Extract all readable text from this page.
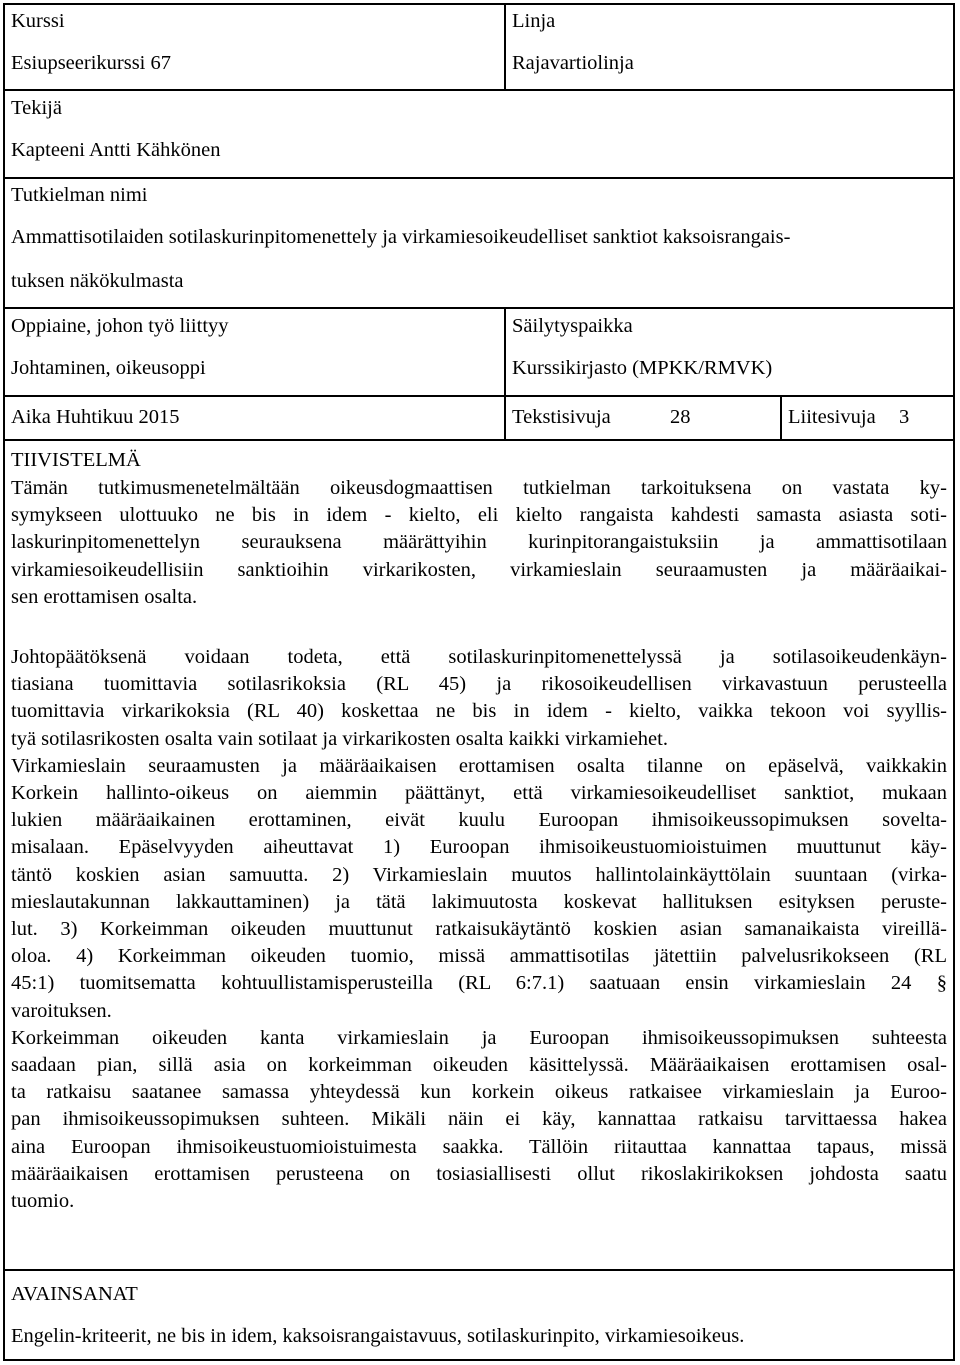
Kurssi
Esiupseerikurssi 67
Linja
Rajavartiolinja
Tekijä
Kapteeni Antti Kähkönen
Tutkielman nimi
Ammattisotilaiden sotilaskurinpitomenettely ja virkamiesoikeudelliset sanktiot kaksoisrangais-
tuksen näkökulmasta
Oppiaine, johon työ liittyy
Johtaminen, oikeusoppi
Säilytyspaikka
Kurssikirjasto (MPKK/RMVK)
Aika Huhtikuu 2015	Tekstisivuja	28	Liitesivuja 3
TIIVISTELMÄ
Tämän tutkimusmenetelmältään oikeusdogmaattisen tutkielman tarkoituksena on vastata ky-
symykseen ulottuuko ne bis in idem - kielto, eli kielto rangaista kahdesti samasta asiasta soti-
laskurinpitomenettelyn seurauksena määrättyihin kurinpitorangaistuksiin ja ammattisotilaan
virkamiesoikeudellisiin sanktioihin virkarikosten, virkamieslain seuraamusten ja määräaikai-
sen erottamisen osalta.
Johtopäätöksenä voidaan todeta, että sotilaskurinpitomenettelyssä ja sotilasoikeudenkäyn-
tiasiana tuomittavia sotilasrikoksia (RL 45) ja rikosoikeudellisen virkavastuun perusteella
tuomittavia virkarikoksia (RL 40) koskettaa ne bis in idem - kielto, vaikka tekoon voi syyllis-
tyä sotilasrikosten osalta vain sotilaat ja virkarikosten osalta kaikki virkamiehet.
Virkamieslain seuraamusten ja määräaikaisen erottamisen osalta tilanne on epäselvä, vaikkakin
Korkein hallinto-oikeus on aiemmin päättänyt, että virkamiesoikeudelliset sanktiot, mukaan
lukien määräaikainen erottaminen, eivät kuulu Euroopan ihmisoikeussopimuksen sovelta-
misalaan. Epäselvyyden aiheuttavat 1) Euroopan ihmisoikeustuomioistuimen muuttunut käy-
täntö koskien asian samuutta. 2) Virkamieslain muutos hallintolainkäyttölain suuntaan (virka-
mieslautakunnan lakkauttaminen) ja tätä lakimuutosta koskevat hallituksen esityksen peruste-
lut. 3) Korkeimman oikeuden muuttunut ratkaisukäytäntö koskien asian samanaikaista vireillä-
oloa. 4) Korkeimman oikeuden tuomio, missä ammattisotilas jätettiin palvelusrikokseen (RL
45:1) tuomitsematta kohtuullistamisperusteilla (RL 6:7.1) saatuaan ensin virkamieslain 24 §
varoituksen.
Korkeimman oikeuden kanta virkamieslain ja Euroopan ihmisoikeussopimuksen suhteesta
saadaan pian, sillä asia on korkeimman oikeuden käsittelyssä. Määräaikaisen erottamisen osal-
ta ratkaisu saatanee samassa yhteydessä kun korkein oikeus ratkaisee virkamieslain ja Euroo-
pan ihmisoikeussopimuksen suhteen. Mikäli näin ei käy, kannattaa ratkaisu tarvittaessa hakea
aina Euroopan ihmisoikeustuomioistuimesta saakka. Tällöin riitauttaa kannattaa tapaus, missä
määräaikaisen erottamisen perusteena on tosiasiallisesti ollut rikoslakirikoksen johdosta saatu
tuomio.
AVAINSANAT
Engelin-kriteerit, ne bis in idem, kaksoisrangaistavuus, sotilaskurinpito, virkamiesoikeus.
